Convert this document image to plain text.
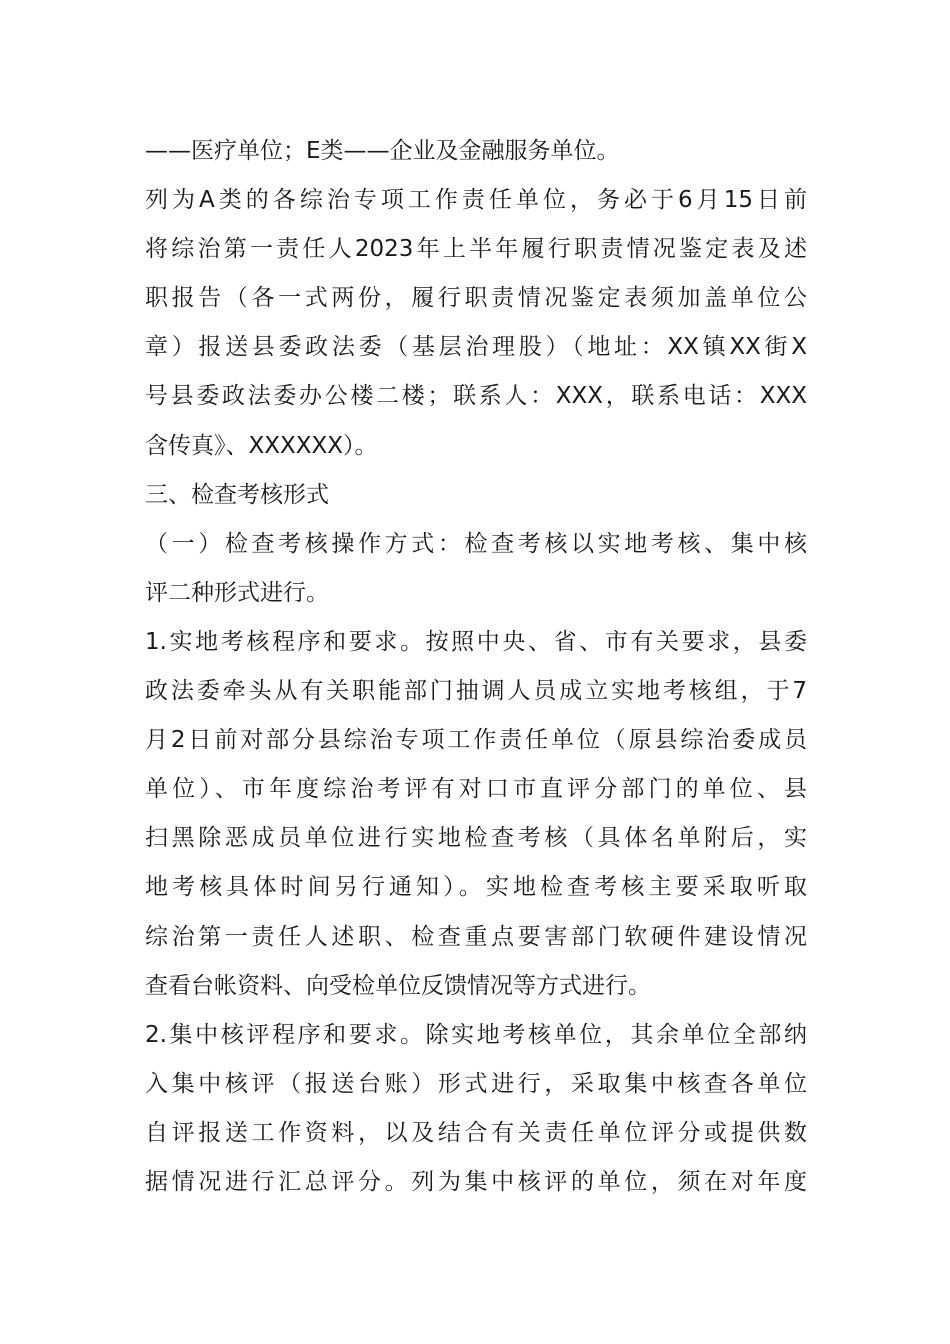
——医疗单位；E类——企业及金融服务单位。
列为A类的各综治专项工作责任单位，务必于6月15日前
将综治第一责任人2023年上半年履行职责情况鉴定表及述
职报告（各一式两份，履行职责情况鉴定表须加盖单位公
章）报送县委政法委（基层治理股）（地址：XX镇XX街X
号县委政法委办公楼二楼；联系人：XXX，联系电话：XXX
含传真》、XXXXXX）。
三、检查考核形式
（一）检查考核操作方式：检查考核以实地考核、集中核
评二种形式进行。
1.实地考核程序和要求。按照中央、省、市有关要求，县委
政法委牵头从有关职能部门抽调人员成立实地考核组，于7
月2日前对部分县综治专项工作责任单位（原县综治委成员
单位）、市年度综治考评有对口市直评分部门的单位、县
扫黑除恶成员单位进行实地检查考核（具体名单附后，实
地考核具体时间另行通知）。实地检查考核主要采取听取
综治第一责任人述职、检查重点要害部门软硬件建设情况
查看台帐资料、向受检单位反馈情况等方式进行。
2.集中核评程序和要求。除实地考核单位，其余单位全部纳
入集中核评（报送台账）形式进行，采取集中核查各单位
自评报送工作资料，以及结合有关责任单位评分或提供数
据情况进行汇总评分。列为集中核评的单位，须在对年度
